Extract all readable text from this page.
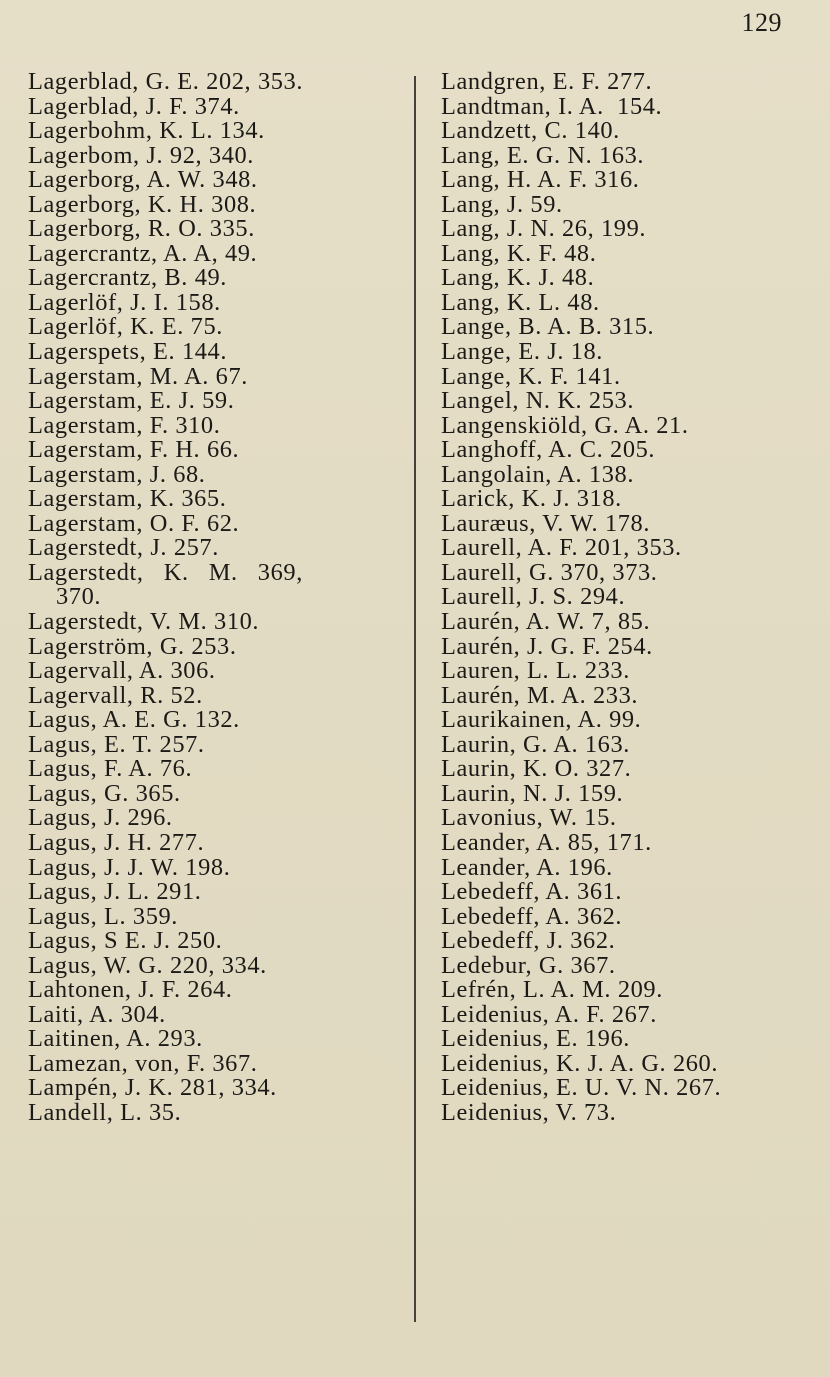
129
Lagerblad, G. E. 202, 353.
Lagerblad, J. F. 374.
Lagerbohm, K. L. 134.
Lagerbom, J. 92, 340.
Lagerborg, A. W. 348.
Lagerborg, K. H. 308.
Lagerborg, R. O. 335.
Lagercrantz, A. A, 49.
Lagercrantz, B. 49.
Lagerlöf, J. I. 158.
Lagerlöf, K. E. 75.
Lagerspets, E. 144.
Lagerstam, M. A. 67.
Lagerstam, E. J. 59.
Lagerstam, F. 310.
Lagerstam, F. H. 66.
Lagerstam, J. 68.
Lagerstam, K. 365.
Lagerstam, O. F. 62.
Lagerstedt, J. 257.
Lagerstedt,   K.   M.   369,
370.
Lagerstedt, V. M. 310.
Lagerström, G. 253.
Lagervall, A. 306.
Lagervall, R. 52.
Lagus, A. E. G. 132.
Lagus, E. T. 257.
Lagus, F. A. 76.
Lagus, G. 365.
Lagus, J. 296.
Lagus, J. H. 277.
Lagus, J. J. W. 198.
Lagus, J. L. 291.
Lagus, L. 359.
Lagus, S E. J. 250.
Lagus, W. G. 220, 334.
Lahtonen, J. F. 264.
Laiti, A. 304.
Laitinen, A. 293.
Lamezan, von, F. 367.
Lampén, J. K. 281, 334.
Landell, L. 35.
Landgren, E. F. 277.
Landtman, I. A.  154.
Landzett, C. 140.
Lang, E. G. N. 163.
Lang, H. A. F. 316.
Lang, J. 59.
Lang, J. N. 26, 199.
Lang, K. F. 48.
Lang, K. J. 48.
Lang, K. L. 48.
Lange, B. A. B. 315.
Lange, E. J. 18.
Lange, K. F. 141.
Langel, N. K. 253.
Langenskiöld, G. A. 21.
Langhoff, A. C. 205.
Langolain, A. 138.
Larick, K. J. 318.
Lauræus, V. W. 178.
Laurell, A. F. 201, 353.
Laurell, G. 370, 373.
Laurell, J. S. 294.
Laurén, A. W. 7, 85.
Laurén, J. G. F. 254.
Lauren, L. L. 233.
Laurén, M. A. 233.
Laurikainen, A. 99.
Laurin, G. A. 163.
Laurin, K. O. 327.
Laurin, N. J. 159.
Lavonius, W. 15.
Leander, A. 85, 171.
Leander, A. 196.
Lebedeff, A. 361.
Lebedeff, A. 362.
Lebedeff, J. 362.
Ledebur, G. 367.
Lefrén, L. A. M. 209.
Leidenius, A. F. 267.
Leidenius, E. 196.
Leidenius, K. J. A. G. 260.
Leidenius, E. U. V. N. 267.
Leidenius, V. 73.
